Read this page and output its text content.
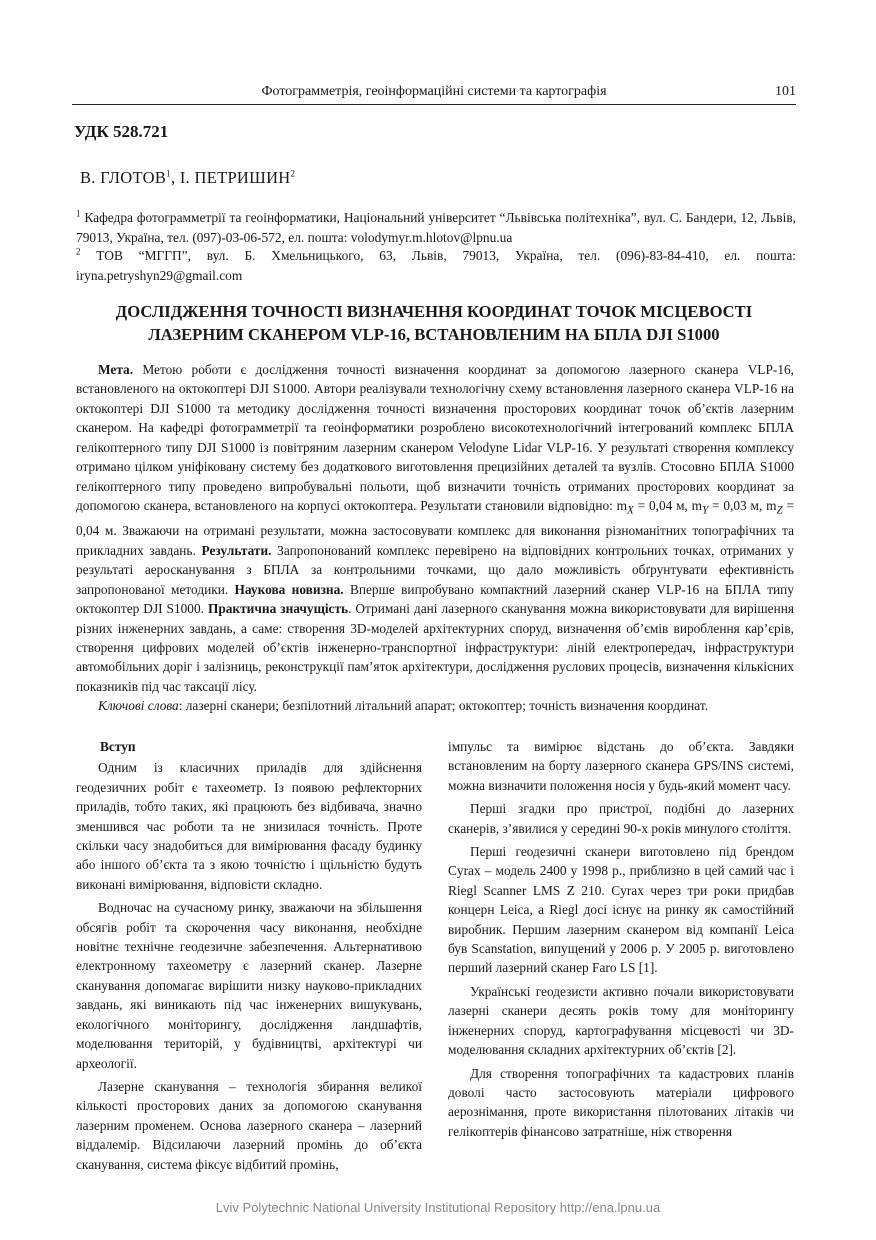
Фотограмметрія, геоінформаційні системи та картографія	101
УДК 528.721
В. ГЛОТОВ$^1$, І. ПЕТРИШИН$^2$
$^1$ Кафедра фотограмметрії та геоінформатики, Національний університет “Львівська політехніка”, вул. С. Бандери, 12, Львів, 79013, Україна, тел. (097)-03-06-572, ел. пошта: volodymyr.m.hlotov@lpnu.ua
$^2$ ТОВ “МГГП”, вул. Б. Хмельницького, 63, Львів, 79013, Україна, тел. (096)-83-84-410, ел. пошта: iryna.petryshyn29@gmail.com
ДОСЛІДЖЕННЯ ТОЧНОСТІ ВИЗНАЧЕННЯ КООРДИНАТ ТОЧОК МІСЦЕВОСТІ
ЛАЗЕРНИМ СКАНЕРОМ VLP-16, ВСТАНОВЛЕНИМ НА БПЛА DJI S1000

Мета. Метою роботи є дослідження точності визначення координат за допомогою лазерного сканера VLP-16, встановленого на октокоптері DJI S1000. Автори реалізували технологічну схему встановлення лазерного сканера VLP-16 на октокоптері DJI S1000 та методику дослідження точності визначення просторових координат точок об’єктів лазерним сканером. На кафедрі фотограмметрії та геоінформатики розроблено високотехнологічний інтегрований комплекс БПЛА гелікоптерного типу DJI S1000 із повітряним лазерним сканером Velodyne Lidar VLP-16. У результаті створення комплексу отримано цілком уніфіковану систему без додаткового виготовлення прецизійних деталей та вузлів. Стосовно БПЛА S1000 гелікоптерного типу проведено випробувальні польоти, щоб визначити точність отриманих просторових координат за допомогою сканера, встановленого на корпусі октокоптера. Результати становили відповідно: $m_X = 0,04$ м, $m_Y = 0,03$ м, $m_Z = 0,04$ м. Зважаючи на отримані результати, можна застосовувати комплекс для виконання різноманітних топографічних та прикладних завдань. Результати. Запропонований комплекс перевірено на відповідних контрольних точках, отриманих у результаті аеросканування з БПЛА за контрольними точками, що дало можливість обґрунтувати ефективність запропонованої методики. Наукова новизна. Вперше випробувано компактний лазерний сканер VLP-16 на БПЛА типу октокоптер DJI S1000. Практична значущість. Отримані дані лазерного сканування можна використовувати для вирішення різних інженерних завдань, а саме: створення 3D-моделей архітектурних споруд, визначення об’ємів вироблення кар’єрів, створення цифрових моделей об’єктів інженерно-транспортної інфраструктури: ліній електропередач, інфраструктури автомобільних доріг і залізниць, реконструкції пам’яток архітектури, дослідження руслових процесів, визначення кількісних показників під час таксації лісу.

Ключові слова: лазерні сканери; безпілотний літальний апарат; октокоптер; точність визначення координат.

Вступ

Одним із класичних приладів для здійснення геодезичних робіт є тахеометр. Із появою рефлекторних приладів, тобто таких, які працюють без відбивача, значно зменшився час роботи та не знизилася точність. Проте скільки часу знадобиться для вимірювання фасаду будинку або іншого об’єкта та з якою точністю і щільністю будуть виконані вимірювання, відповісти складно.

Водночас на сучасному ринку, зважаючи на збільшення обсягів робіт та скорочення часу виконання, необхідне новітнє технічне геодезичне забезпечення. Альтернативою електронному тахеометру є лазерний сканер. Лазерне сканування допомагає вирішити низку науково-прикладних завдань, які виникають під час інженерних вишукувань, екологічного моніторингу, дослідження ландшафтів, моделювання територій, у будівництві, архітектурі чи археології.

Лазерне сканування – технологія збирання великої кількості просторових даних за допомогою сканування лазерним променем. Основа лазерного сканера – лазерний віддалемір. Відсилаючи лазерний промінь до об’єкта сканування, система фіксує відбитий промінь,

імпульс та вимірює відстань до об’єкта. Завдяки встановленим на борту лазерного сканера GPS/INS системі, можна визначити положення носія у будь-який момент часу.

Перші згадки про пристрої, подібні до лазерних сканерів, з’явилися у середині 90-х років минулого століття.

Перші геодезичні сканери виготовлено під брендом Cyrax – модель 2400 у 1998 р., приблизно в цей самий час і Riegl Scanner LMS Z 210. Cyrax через три роки придбав концерн Leica, а Riegl досі існує на ринку як самостійний виробник. Першим лазерним сканером від компанії Leica був Scanstation, випущений у 2006 р. У 2005 р. виготовлено перший лазерний сканер Faro LS [1].

Українські геодезисти активно почали використовувати лазерні сканери десять років тому для моніторингу інженерних споруд, картографування місцевості чи 3D-моделювання складних архітектурних об’єктів [2].

Для створення топографічних та кадастрових планів доволі часто застосовують матеріали цифрового аерознімання, проте використання пілотованих літаків чи гелікоптерів фінансово затратніше, ніж створення

Lviv Polytechnic National University Institutional Repository http://ena.lpnu.ua
